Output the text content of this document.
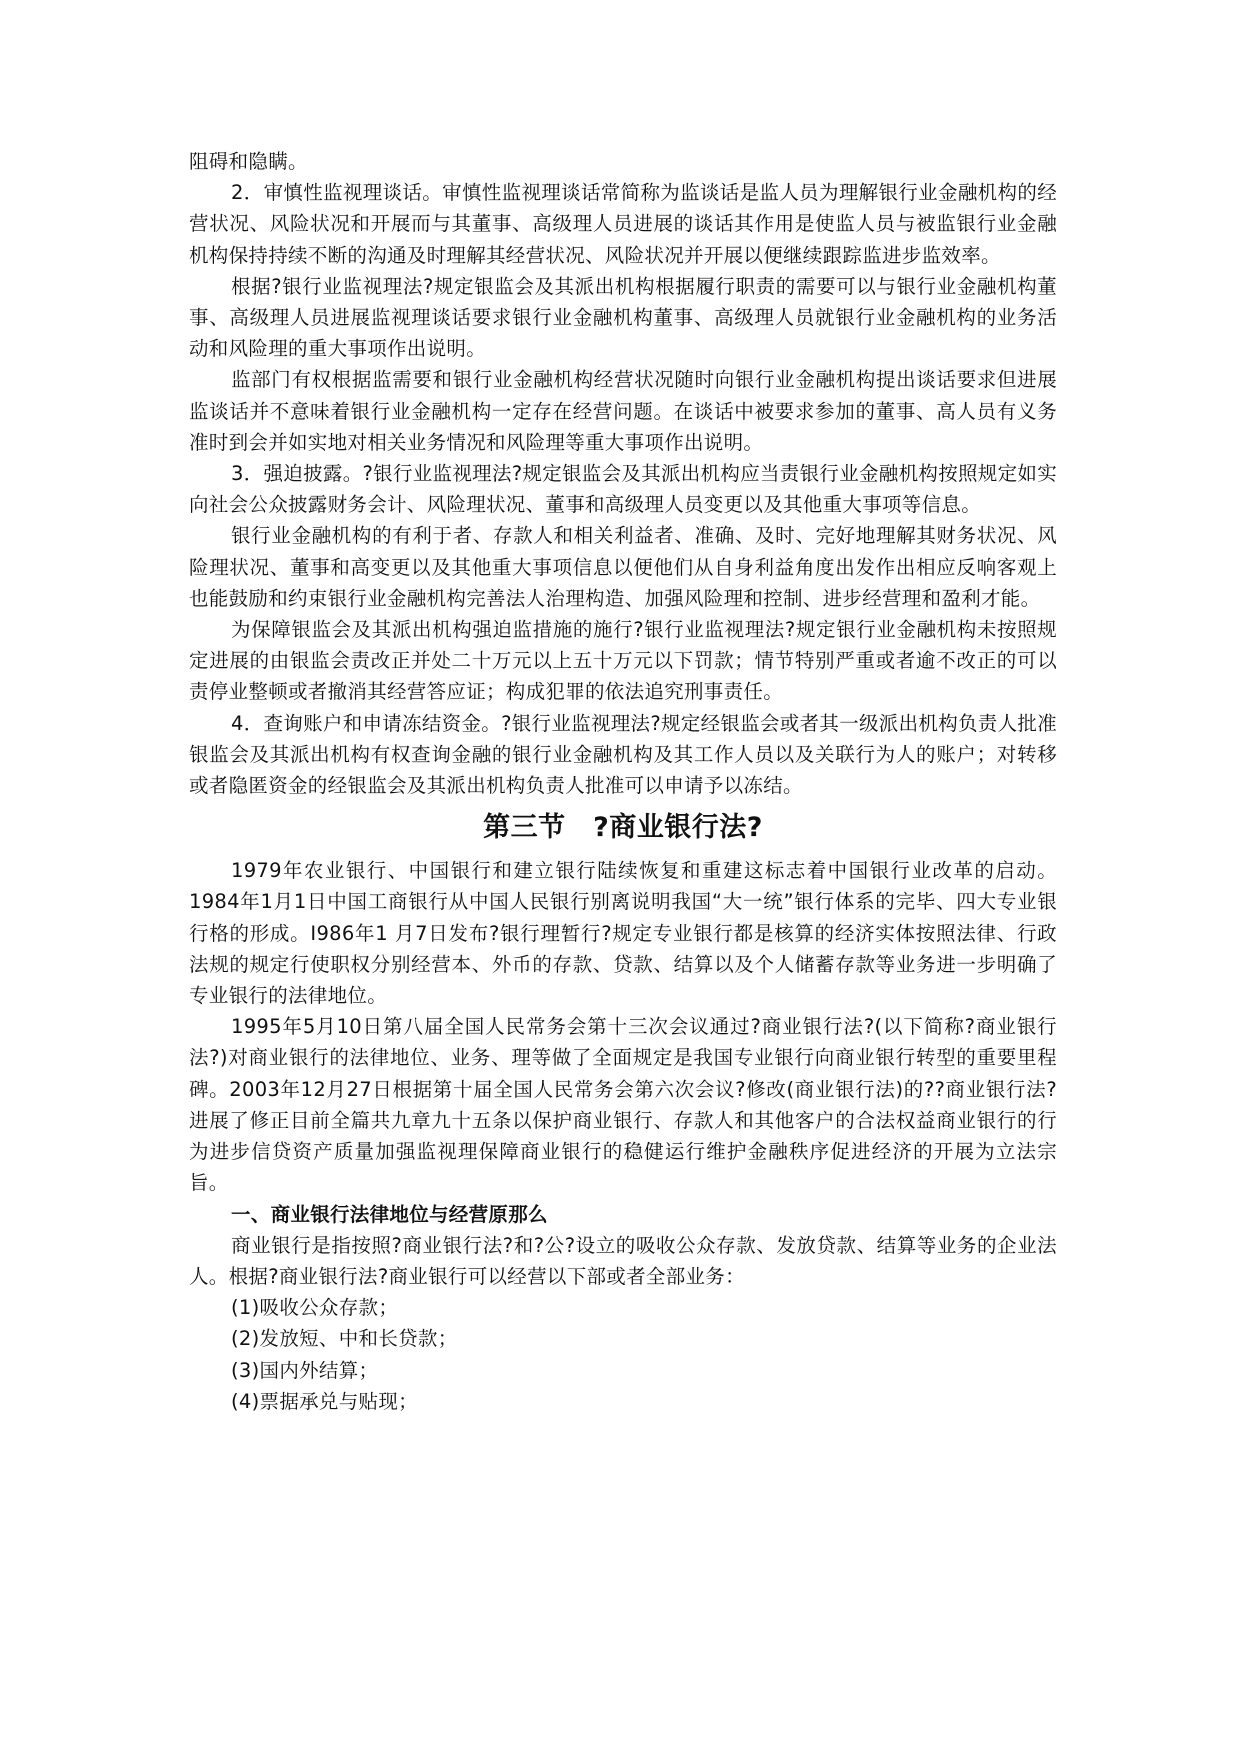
阻碍和隐瞒。

2．审慎性监视理谈话。审慎性监视理谈话常简称为监谈话是监人员为理解银行业金融机构的经营状况、风险状况和开展而与其董事、高级理人员进展的谈话其作用是使监人员与被监银行业金融机构保持持续不断的沟通及时理解其经营状况、风险状况并开展以便继续跟踪监进步监效率。

根据?银行业监视理法?规定银监会及其派出机构根据履行职责的需要可以与银行业金融机构董事、高级理人员进展监视理谈话要求银行业金融机构董事、高级理人员就银行业金融机构的业务活动和风险理的重大事项作出说明。

监部门有权根据监需要和银行业金融机构经营状况随时向银行业金融机构提出谈话要求但进展监谈话并不意味着银行业金融机构一定存在经营问题。在谈话中被要求参加的董事、高人员有义务准时到会并如实地对相关业务情况和风险理等重大事项作出说明。

3．强迫披露。?银行业监视理法?规定银监会及其派出机构应当责银行业金融机构按照规定如实向社会公众披露财务会计、风险理状况、董事和高级理人员变更以及其他重大事项等信息。

银行业金融机构的有利于者、存款人和相关利益者、准确、及时、完好地理解其财务状况、风险理状况、董事和高变更以及其他重大事项信息以便他们从自身利益角度出发作出相应反响客观上也能鼓励和约束银行业金融机构完善法人治理构造、加强风险理和控制、进步经营理和盈利才能。

为保障银监会及其派出机构强迫监措施的施行?银行业监视理法?规定银行业金融机构未按照规定进展的由银监会责改正并处二十万元以上五十万元以下罚款；情节特别严重或者逾不改正的可以责停业整顿或者撤消其经营答应证；构成犯罪的依法追究刑事责任。

4．查询账户和申请冻结资金。?银行业监视理法?规定经银监会或者其一级派出机构负责人批准银监会及其派出机构有权查询金融的银行业金融机构及其工作人员以及关联行为人的账户；对转移或者隐匿资金的经银监会及其派出机构负责人批准可以申请予以冻结。

第三节　?商业银行法?

1979年农业银行、中国银行和建立银行陆续恢复和重建这标志着中国银行业改革的启动。1984年1月1日中国工商银行从中国人民银行别离说明我国“大一统”银行体系的完毕、四大专业银行格的形成。I986年1 月7日发布?银行理暂行?规定专业银行都是核算的经济实体按照法律、行政法规的规定行使职权分别经营本、外币的存款、贷款、结算以及个人储蓄存款等业务进一步明确了专业银行的法律地位。

1995年5月10日第八届全国人民常务会第十三次会议通过?商业银行法?(以下简称?商业银行法?)对商业银行的法律地位、业务、理等做了全面规定是我国专业银行向商业银行转型的重要里程碑。2003年12月27日根据第十届全国人民常务会第六次会议?修改(商业银行法)的??商业银行法?进展了修正目前全篇共九章九十五条以保护商业银行、存款人和其他客户的合法权益商业银行的行为进步信贷资产质量加强监视理保障商业银行的稳健运行维护金融秩序促进经济的开展为立法宗旨。

一、商业银行法律地位与经营原那么

商业银行是指按照?商业银行法?和?公?设立的吸收公众存款、发放贷款、结算等业务的企业法人。根据?商业银行法?商业银行可以经营以下部或者全部业务：

(1)吸收公众存款；

(2)发放短、中和长贷款；

(3)国内外结算；

(4)票据承兑与贴现；
